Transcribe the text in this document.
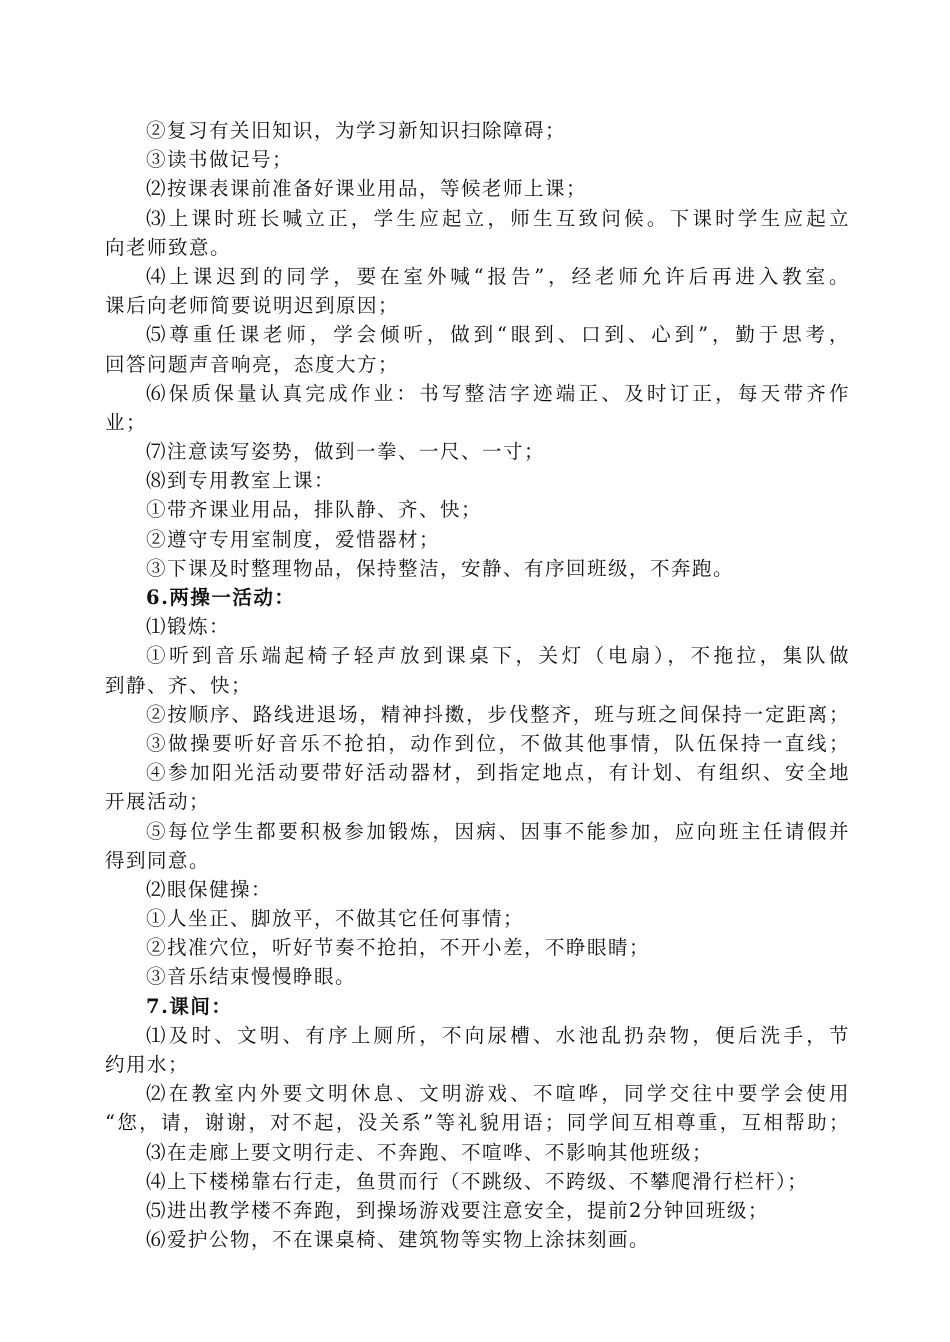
②复习有关旧知识，为学习新知识扫除障碍；
③读书做记号；
⑵按课表课前准备好课业用品，等候老师上课；
⑶上课时班长喊立正，学生应起立，师生互致问候。下课时学生应起立
向老师致意。
⑷上课迟到的同学，要在室外喊“报告”，经老师允许后再进入教室。
课后向老师简要说明迟到原因；
⑸尊重任课老师，学会倾听，做到“眼到、口到、心到”，勤于思考，
回答问题声音响亮，态度大方；
⑹保质保量认真完成作业：书写整洁字迹端正、及时订正，每天带齐作
业；
⑺注意读写姿势，做到一拳、一尺、一寸；
⑻到专用教室上课：
①带齐课业用品，排队静、齐、快；
②遵守专用室制度，爱惜器材；
③下课及时整理物品，保持整洁，安静、有序回班级，不奔跑。
6.两操一活动：
⑴锻炼：
①听到音乐端起椅子轻声放到课桌下，关灯（电扇），不拖拉，集队做
到静、齐、快；
②按顺序、路线进退场，精神抖擞，步伐整齐，班与班之间保持一定距离；
③做操要听好音乐不抢拍，动作到位，不做其他事情，队伍保持一直线；
④参加阳光活动要带好活动器材，到指定地点，有计划、有组织、安全地
开展活动；
⑤每位学生都要积极参加锻炼，因病、因事不能参加，应向班主任请假并
得到同意。
⑵眼保健操：
①人坐正、脚放平，不做其它任何事情；
②找准穴位，听好节奏不抢拍，不开小差，不睁眼睛；
③音乐结束慢慢睁眼。
7.课间：
⑴及时、文明、有序上厕所，不向尿槽、水池乱扔杂物，便后洗手，节
约用水；
⑵在教室内外要文明休息、文明游戏、不喧哗，同学交往中要学会使用
“您，请，谢谢，对不起，没关系”等礼貌用语；同学间互相尊重，互相帮助；
⑶在走廊上要文明行走、不奔跑、不喧哗、不影响其他班级；
⑷上下楼梯靠右行走，鱼贯而行（不跳级、不跨级、不攀爬滑行栏杆）；
⑸进出教学楼不奔跑，到操场游戏要注意安全，提前2分钟回班级；
⑹爱护公物，不在课桌椅、建筑物等实物上涂抹刻画。
